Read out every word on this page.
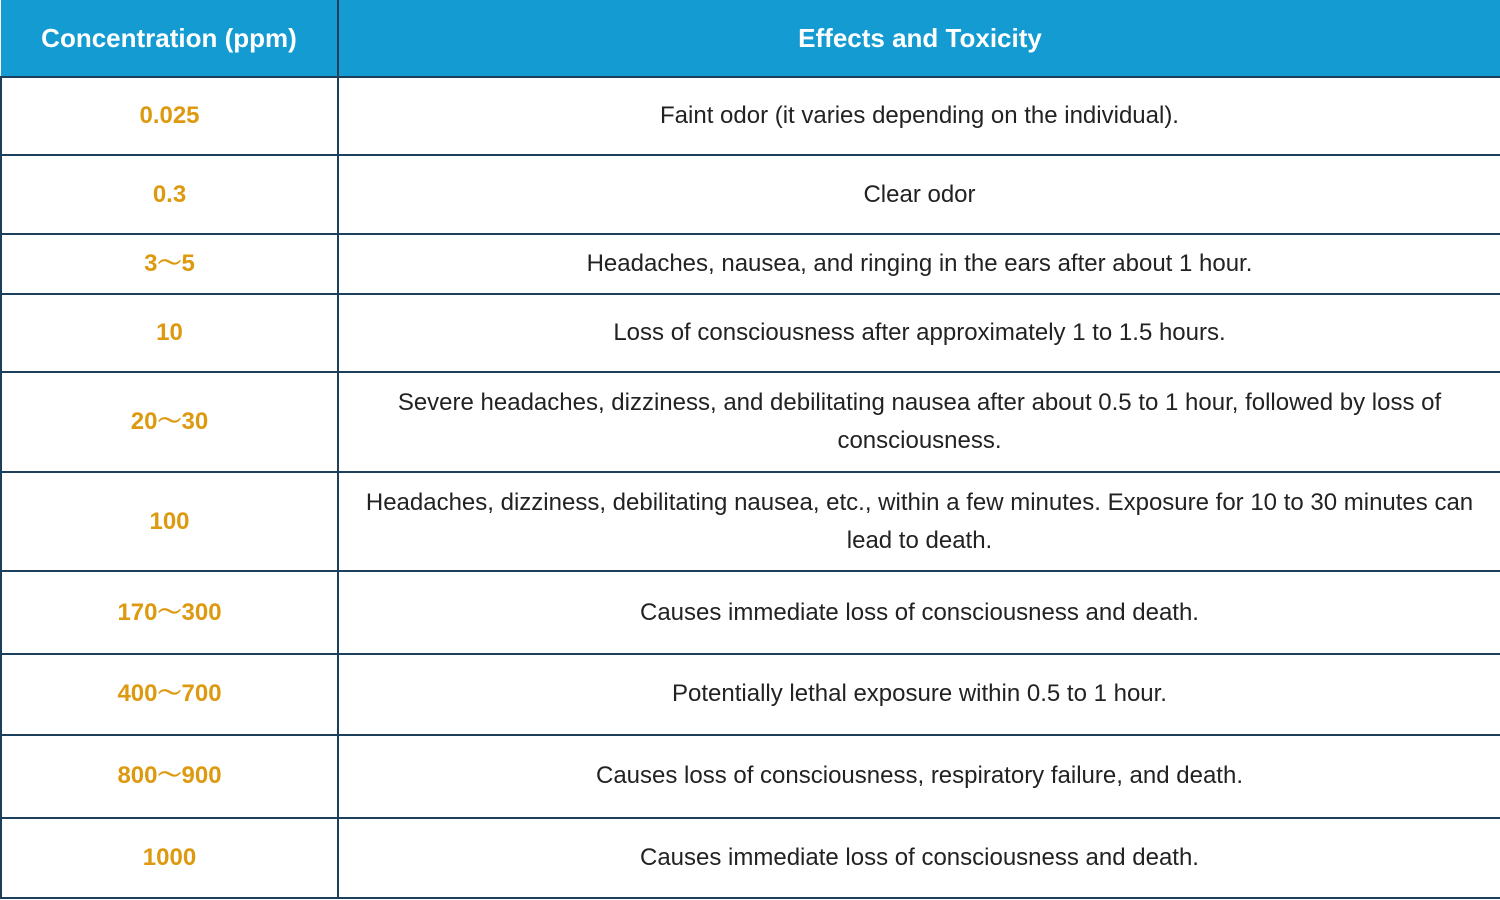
Concentration (ppm)	Effects and Toxicity
0.025	Faint odor (it varies depending on the individual).
0.3	Clear odor
3〜5	Headaches, nausea, and ringing in the ears after about 1 hour.
10	Loss of consciousness after approximately 1 to 1.5 hours.
20〜30	Severe headaches, dizziness, and debilitating nausea after about 0.5 to 1 hour, followed by loss of consciousness.
100	Headaches, dizziness, debilitating nausea, etc., within a few minutes. Exposure for 10 to 30 minutes can lead to death.
170〜300	Causes immediate loss of consciousness and death.
400〜700	Potentially lethal exposure within 0.5 to 1 hour.
800〜900	Causes loss of consciousness, respiratory failure, and death.
1000	Causes immediate loss of consciousness and death.
